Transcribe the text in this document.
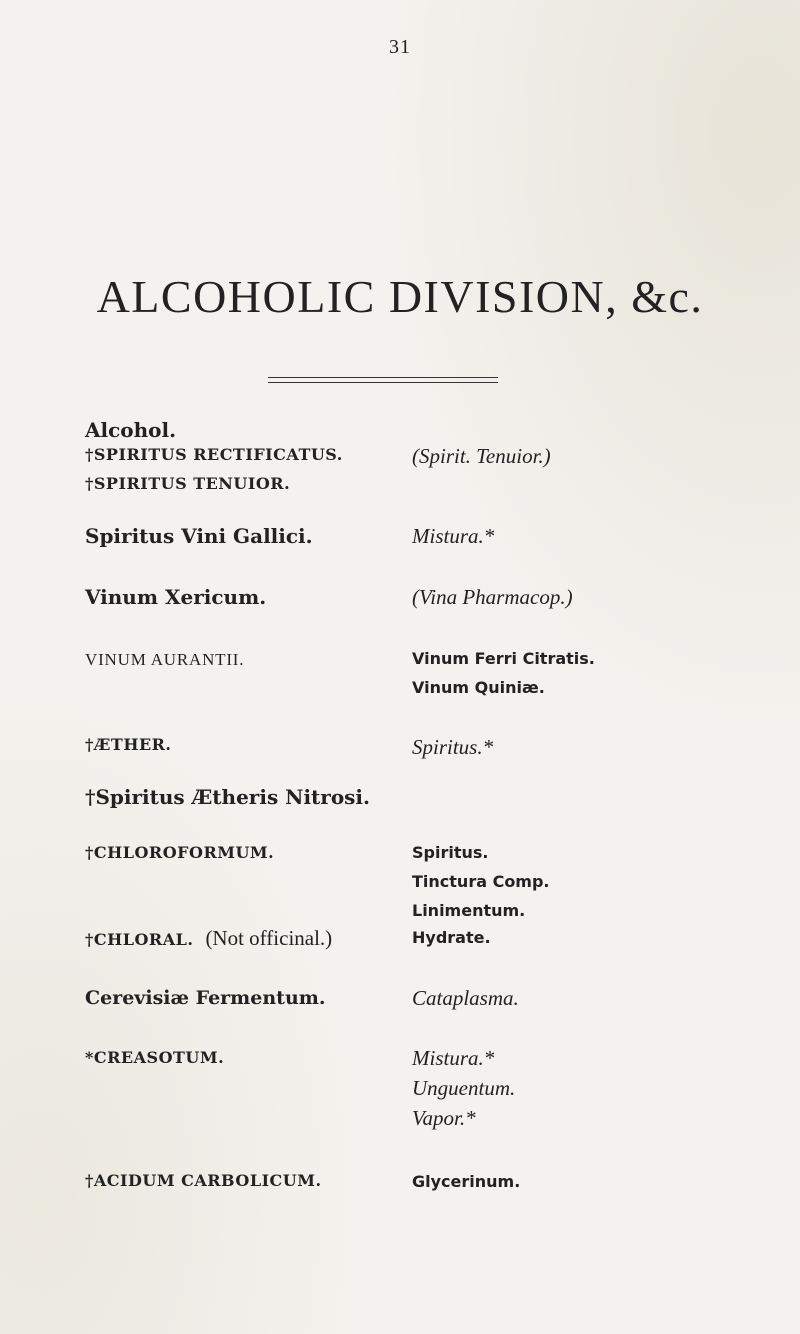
31
ALCOHOLIC DIVISION, &c.
Alcohol.
†SPIRITUS RECTIFICATUS.
†SPIRITUS TENUIOR.
Spiritus Vini Gallici.
Vinum Xericum.
VINUM AURANTII.
†ÆTHER.
†Spiritus Ætheris Nitrosi.
†CHLOROFORMUM.
†CHLORAL. (Not officinal.)
Cerevisiæ Fermentum.
*CREASOTUM.
†ACIDUM CARBOLICUM.
(Spirit. Tenuior.)
Mistura.*
(Vina Pharmacop.)
Vinum Ferri Citratis.
Vinum Quiniæ.
Spiritus.*
Spiritus.
Tinctura Comp.
Linimentum.
Hydrate.
Cataplasma.
Mistura.*
Unguentum.
Vapor.*
Glycerinum.
